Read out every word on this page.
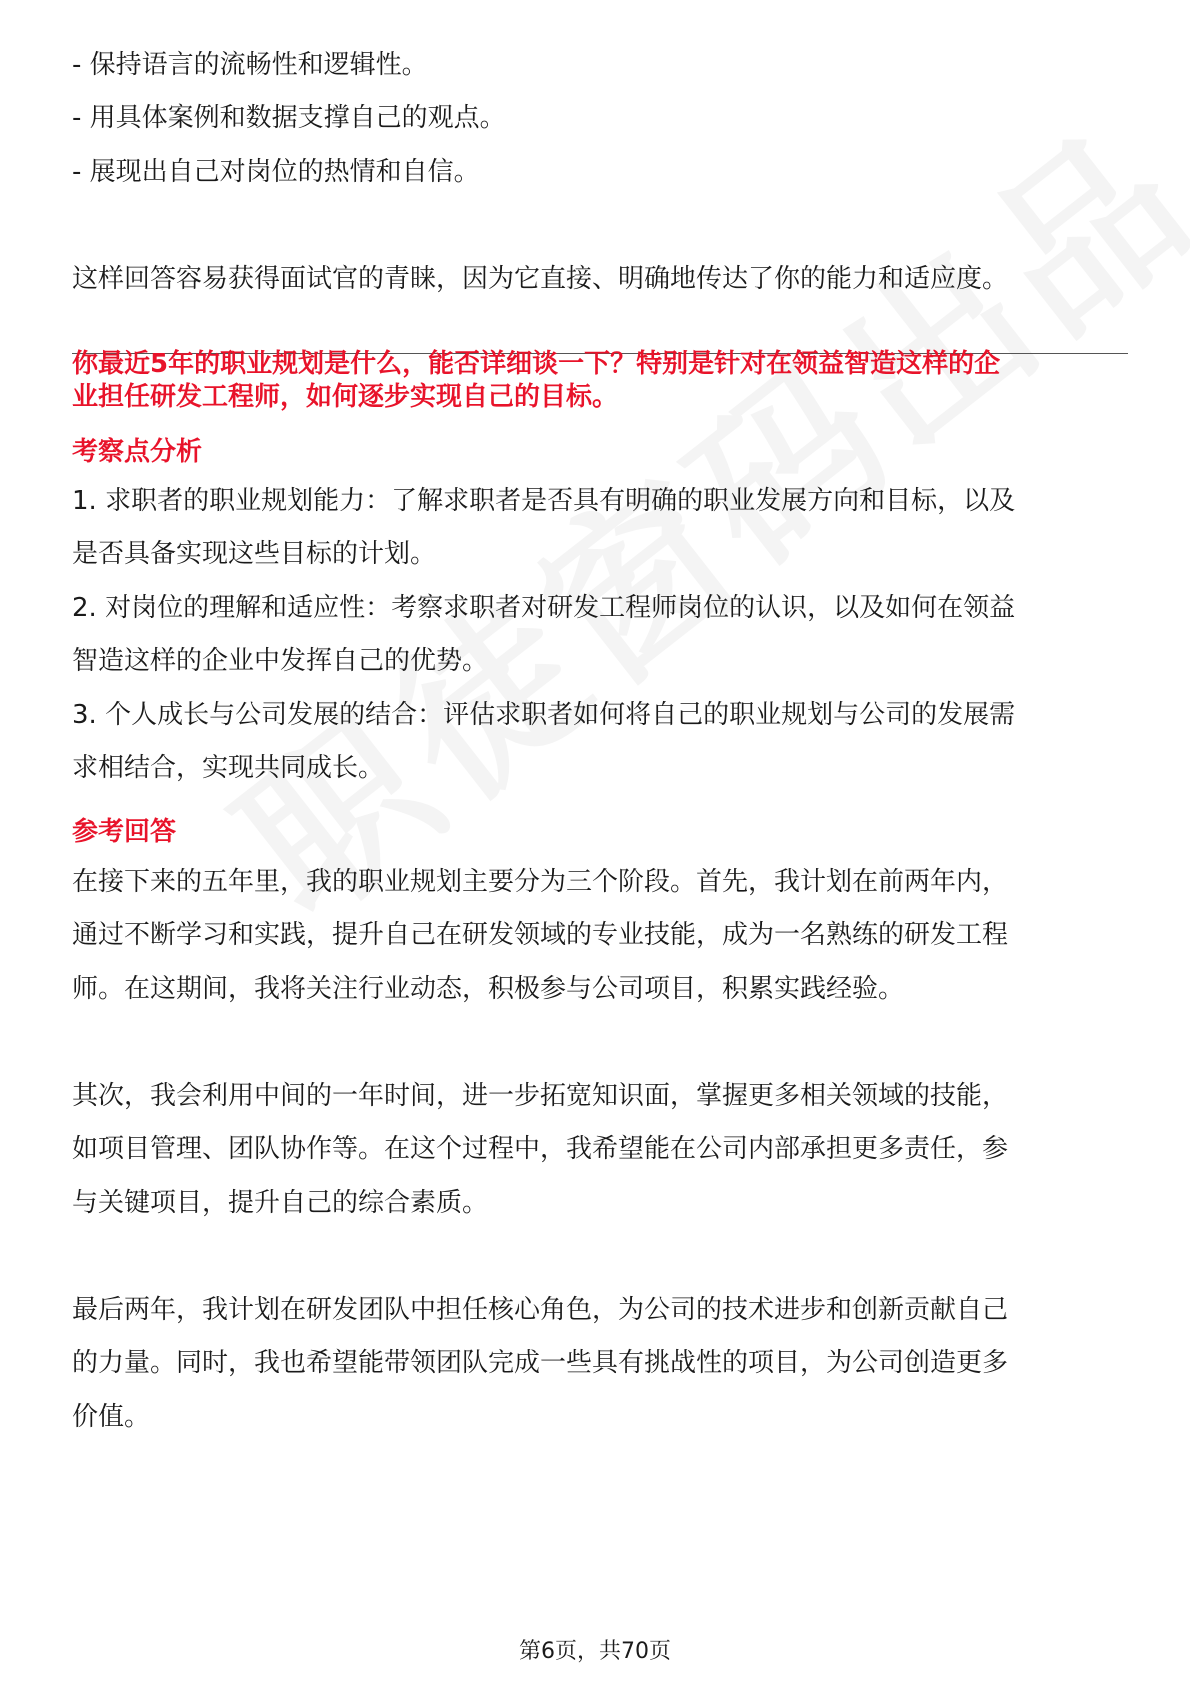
- 保持语言的流畅性和逻辑性。
- 用具体案例和数据支撑自己的观点。
- 展现出自己对岗位的热情和自信。
这样回答容易获得面试官的青睐，因为它直接、明确地传达了你的能力和适应度。
你最近5年的职业规划是什么，能否详细谈一下？特别是针对在领益智造这样的企
业担任研发工程师，如何逐步实现自己的目标。
考察点分析
1. 求职者的职业规划能力：了解求职者是否具有明确的职业发展方向和目标，以及
是否具备实现这些目标的计划。
2. 对岗位的理解和适应性：考察求职者对研发工程师岗位的认识，以及如何在领益
智造这样的企业中发挥自己的优势。
3. 个人成长与公司发展的结合：评估求职者如何将自己的职业规划与公司的发展需
求相结合，实现共同成长。
参考回答
在接下来的五年里，我的职业规划主要分为三个阶段。首先，我计划在前两年内，
通过不断学习和实践，提升自己在研发领域的专业技能，成为一名熟练的研发工程
师。在这期间，我将关注行业动态，积极参与公司项目，积累实践经验。
其次，我会利用中间的一年时间，进一步拓宽知识面，掌握更多相关领域的技能，
如项目管理、团队协作等。在这个过程中，我希望能在公司内部承担更多责任，参
与关键项目，提升自己的综合素质。
最后两年，我计划在研发团队中担任核心角色，为公司的技术进步和创新贡献自己
的力量。同时，我也希望能带领团队完成一些具有挑战性的项目，为公司创造更多
价值。
第6页，共70页
